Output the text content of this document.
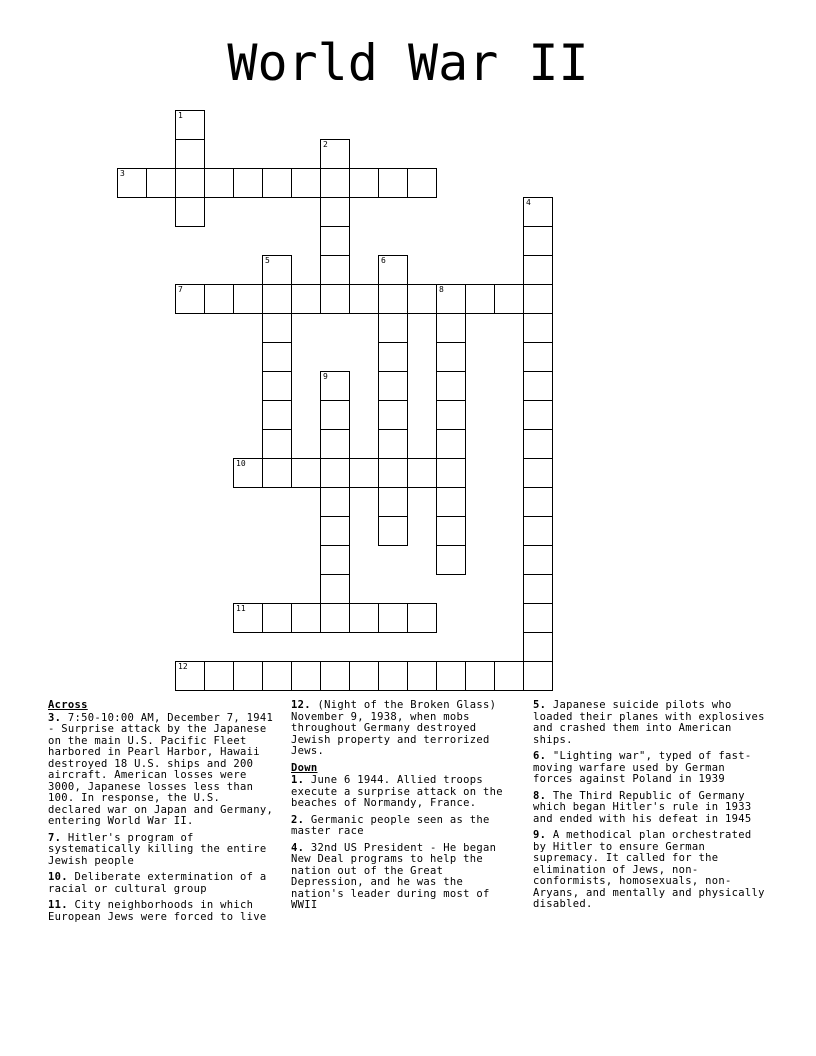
World War II
1
2
3
4
5	6
7	8
9
10
11
12
Across
3. 7:50-10:00 AM, December 7, 1941 - Surprise attack by the Japanese on the main U.S. Pacific Fleet harbored in Pearl Harbor, Hawaii destroyed 18 U.S. ships and 200 aircraft. American losses were 3000, Japanese losses less than 100. In response, the U.S. declared war on Japan and Germany, entering World War II.
7. Hitler's program of systematically killing the entire Jewish people
10. Deliberate extermination of a racial or cultural group
11. City neighborhoods in which European Jews were forced to live
12. (Night of the Broken Glass) November 9, 1938, when mobs throughout Germany destroyed Jewish property and terrorized Jews.
Down
1. June 6 1944. Allied troops execute a surprise attack on the beaches of Normandy, France.
2. Germanic people seen as the master race
4. 32nd US President - He began New Deal programs to help the nation out of the Great Depression, and he was the nation's leader during most of WWII
5. Japanese suicide pilots who loaded their planes with explosives and crashed them into American ships.
6. "Lighting war", typed of fast-moving warfare used by German forces against Poland in 1939
8. The Third Republic of Germany which began Hitler's rule in 1933 and ended with his defeat in 1945
9. A methodical plan orchestrated by Hitler to ensure German supremacy. It called for the elimination of Jews, non-conformists, homosexuals, non-Aryans, and mentally and physically disabled.
